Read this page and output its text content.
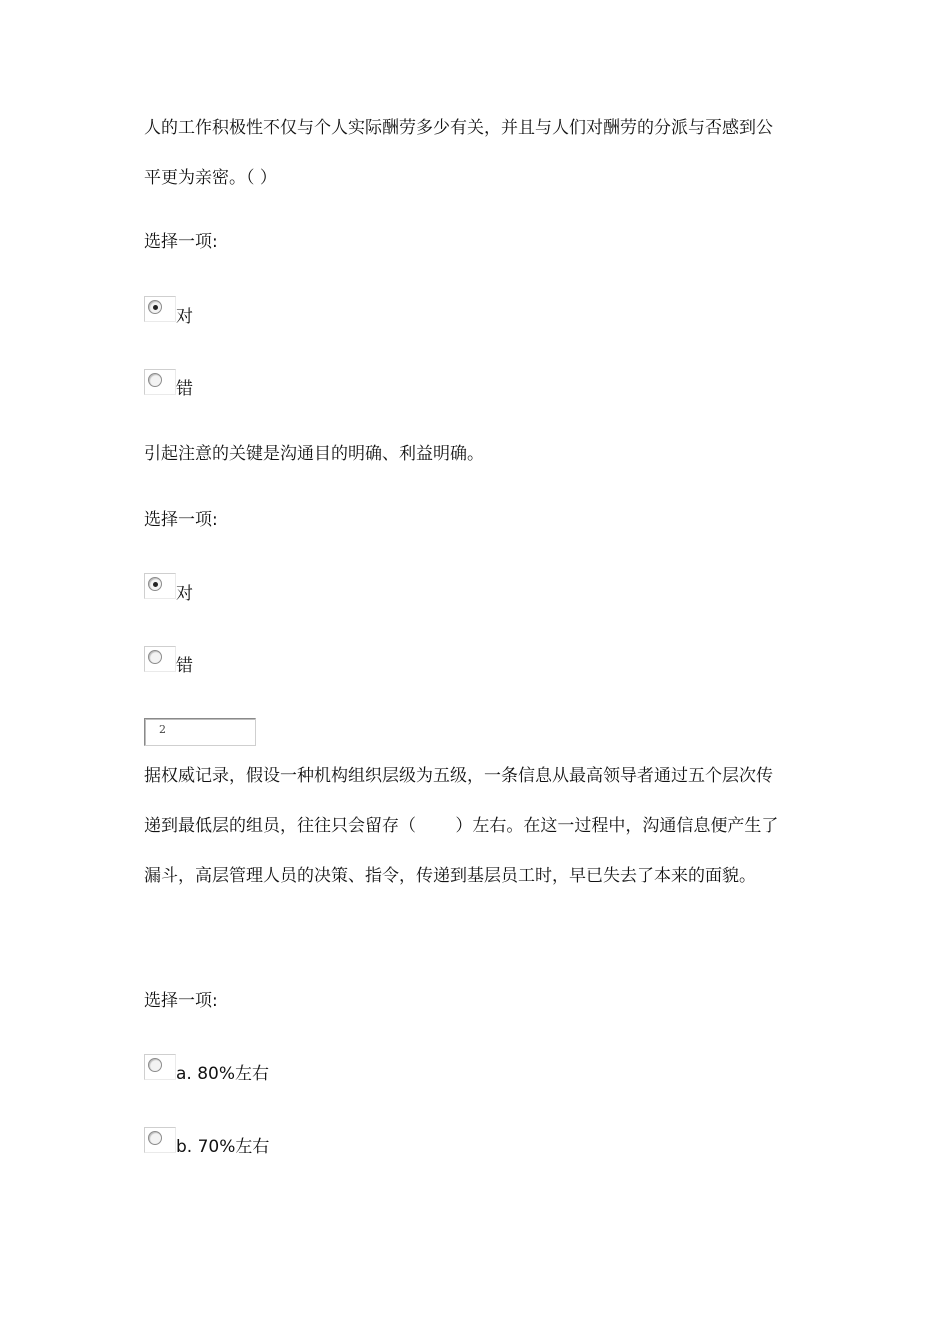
人的工作积极性不仅与个人实际酬劳多少有关，并且与人们对酬劳的分派与否感到公
平更为亲密。（ ）
选择一项:
对
错
引起注意的关键是沟通目的明确、利益明确。
选择一项:
对
错
2
据权威记录，假设一种机构组织层级为五级，一条信息从最高领导者通过五个层次传
递到最低层的组员，往往只会留存（　　 ）左右。在这一过程中，沟通信息便产生了
漏斗，高层管理人员的决策、指令，传递到基层员工时，早已失去了本来的面貌。
选择一项:
a. 80%左右
b. 70%左右
